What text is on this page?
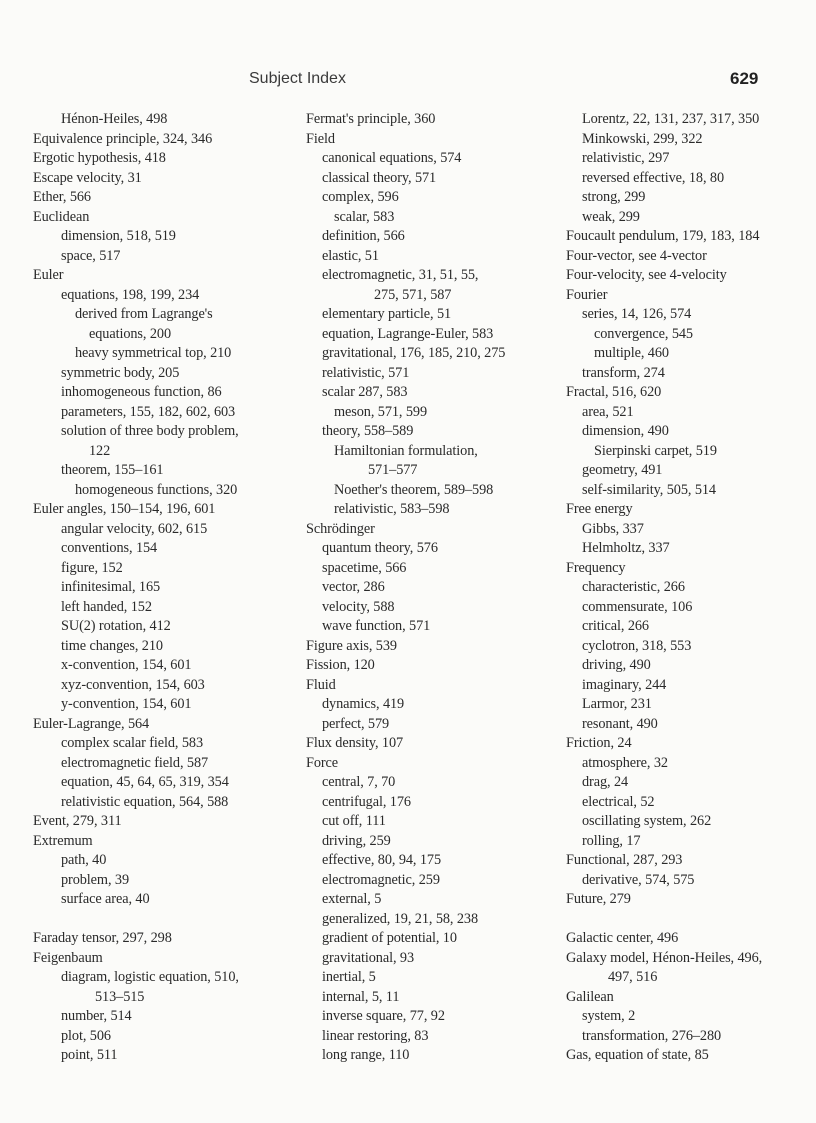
Subject Index	629
Hénon-Heiles, 498
Equivalence principle, 324, 346
Ergotic hypothesis, 418
Escape velocity, 31
Ether, 566
Euclidean
dimension, 518, 519
space, 517
Euler
equations, 198, 199, 234
derived from Lagrange's
equations, 200
heavy symmetrical top, 210
symmetric body, 205
inhomogeneous function, 86
parameters, 155, 182, 602, 603
solution of three body problem,
122
theorem, 155–161
homogeneous functions, 320
Euler angles, 150–154, 196, 601
angular velocity, 602, 615
conventions, 154
figure, 152
infinitesimal, 165
left handed, 152
SU(2) rotation, 412
time changes, 210
x-convention, 154, 601
xyz-convention, 154, 603
y-convention, 154, 601
Euler-Lagrange, 564
complex scalar field, 583
electromagnetic field, 587
equation, 45, 64, 65, 319, 354
relativistic equation, 564, 588
Event, 279, 311
Extremum
path, 40
problem, 39
surface area, 40
Faraday tensor, 297, 298
Feigenbaum
diagram, logistic equation, 510,
513–515
number, 514
plot, 506
point, 511
Fermat's principle, 360
Field
canonical equations, 574
classical theory, 571
complex, 596
scalar, 583
definition, 566
elastic, 51
electromagnetic, 31, 51, 55,
275, 571, 587
elementary particle, 51
equation, Lagrange-Euler, 583
gravitational, 176, 185, 210, 275
relativistic, 571
scalar 287, 583
meson, 571, 599
theory, 558–589
Hamiltonian formulation,
571–577
Noether's theorem, 589–598
relativistic, 583–598
Schrödinger
quantum theory, 576
spacetime, 566
vector, 286
velocity, 588
wave function, 571
Figure axis, 539
Fission, 120
Fluid
dynamics, 419
perfect, 579
Flux density, 107
Force
central, 7, 70
centrifugal, 176
cut off, 111
driving, 259
effective, 80, 94, 175
electromagnetic, 259
external, 5
generalized, 19, 21, 58, 238
gradient of potential, 10
gravitational, 93
inertial, 5
internal, 5, 11
inverse square, 77, 92
linear restoring, 83
long range, 110
Lorentz, 22, 131, 237, 317, 350
Minkowski, 299, 322
relativistic, 297
reversed effective, 18, 80
strong, 299
weak, 299
Foucault pendulum, 179, 183, 184
Four-vector, see 4-vector
Four-velocity, see 4-velocity
Fourier
series, 14, 126, 574
convergence, 545
multiple, 460
transform, 274
Fractal, 516, 620
area, 521
dimension, 490
Sierpinski carpet, 519
geometry, 491
self-similarity, 505, 514
Free energy
Gibbs, 337
Helmholtz, 337
Frequency
characteristic, 266
commensurate, 106
critical, 266
cyclotron, 318, 553
driving, 490
imaginary, 244
Larmor, 231
resonant, 490
Friction, 24
atmosphere, 32
drag, 24
electrical, 52
oscillating system, 262
rolling, 17
Functional, 287, 293
derivative, 574, 575
Future, 279
Galactic center, 496
Galaxy model, Hénon-Heiles, 496,
497, 516
Galilean
system, 2
transformation, 276–280
Gas, equation of state, 85
